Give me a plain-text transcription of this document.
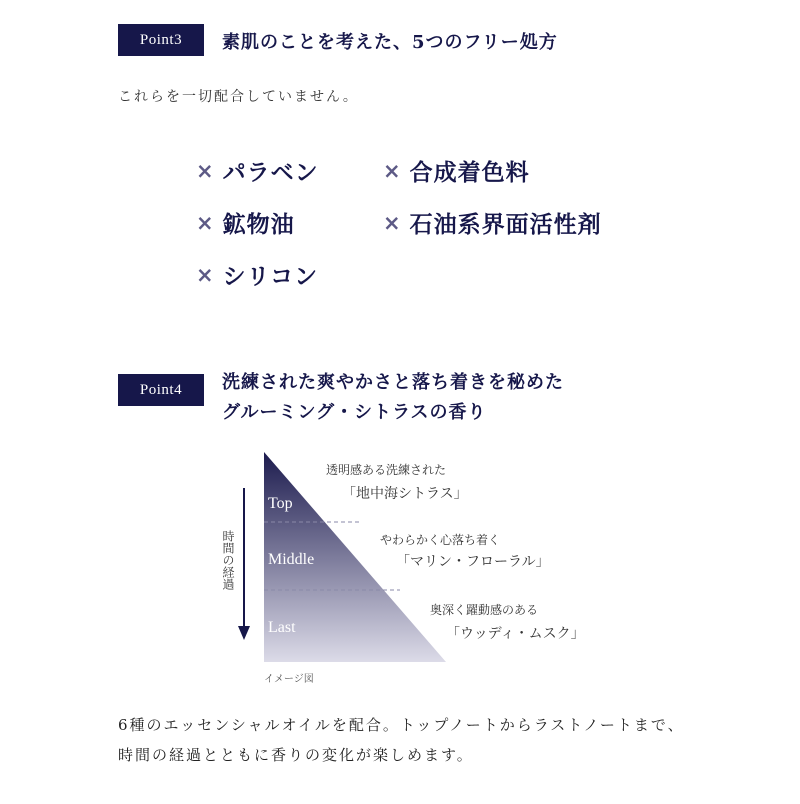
Point3	素肌のことを考えた、5つのフリー処方
これらを一切配合していません。
× パラベン	× 合成着色料
× 鉱物油	× 石油系界面活性剤
× シリコン
Point4	洗練された爽やかさと落ち着きを秘めた
グルーミング・シトラスの香り
Top
Middle
Last
透明感ある洗練された
「地中海シトラス」
やわらかく心落ち着く
「マリン・フローラル」
奥深く躍動感のある
「ウッディ・ムスク」
時間の経過
イメージ図
6種のエッセンシャルオイルを配合。トップノートからラストノートまで、
時間の経過とともに香りの変化が楽しめます。
